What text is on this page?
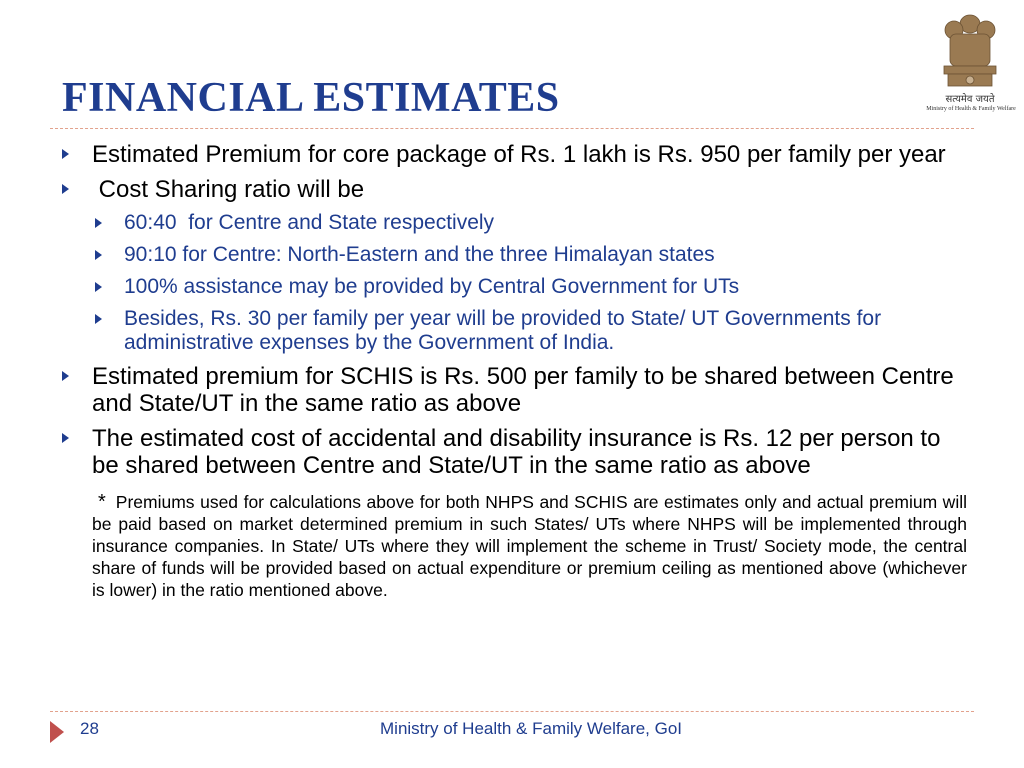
FINANCIAL ESTIMATES	सत्यमेव जयते
Ministry of Health & Family Welfare
Estimated Premium for core package of Rs. 1 lakh is Rs. 950 per family per year
Cost Sharing ratio will be
60:40  for Centre and State respectively
90:10 for Centre: North-Eastern and the three Himalayan states
100% assistance may be provided by Central Government for UTs
Besides, Rs. 30 per family per year will be provided to State/ UT Governments for administrative expenses by the Government of India.
Estimated premium for SCHIS is Rs. 500 per family to be shared between Centre and State/UT in the same ratio as above
The estimated cost of accidental and disability insurance is Rs. 12 per person to be shared between Centre and State/UT in the same ratio as above

* Premiums used for calculations above for both NHPS and SCHIS are estimates only and actual premium will be paid based on market determined premium in such States/ UTs where NHPS will be implemented through insurance companies. In State/ UTs where they will implement the scheme in Trust/ Society mode, the central share of funds will be provided based on actual expenditure or premium ceiling as mentioned above (whichever is lower) in the ratio mentioned above.

28	Ministry of Health & Family Welfare, GoI
